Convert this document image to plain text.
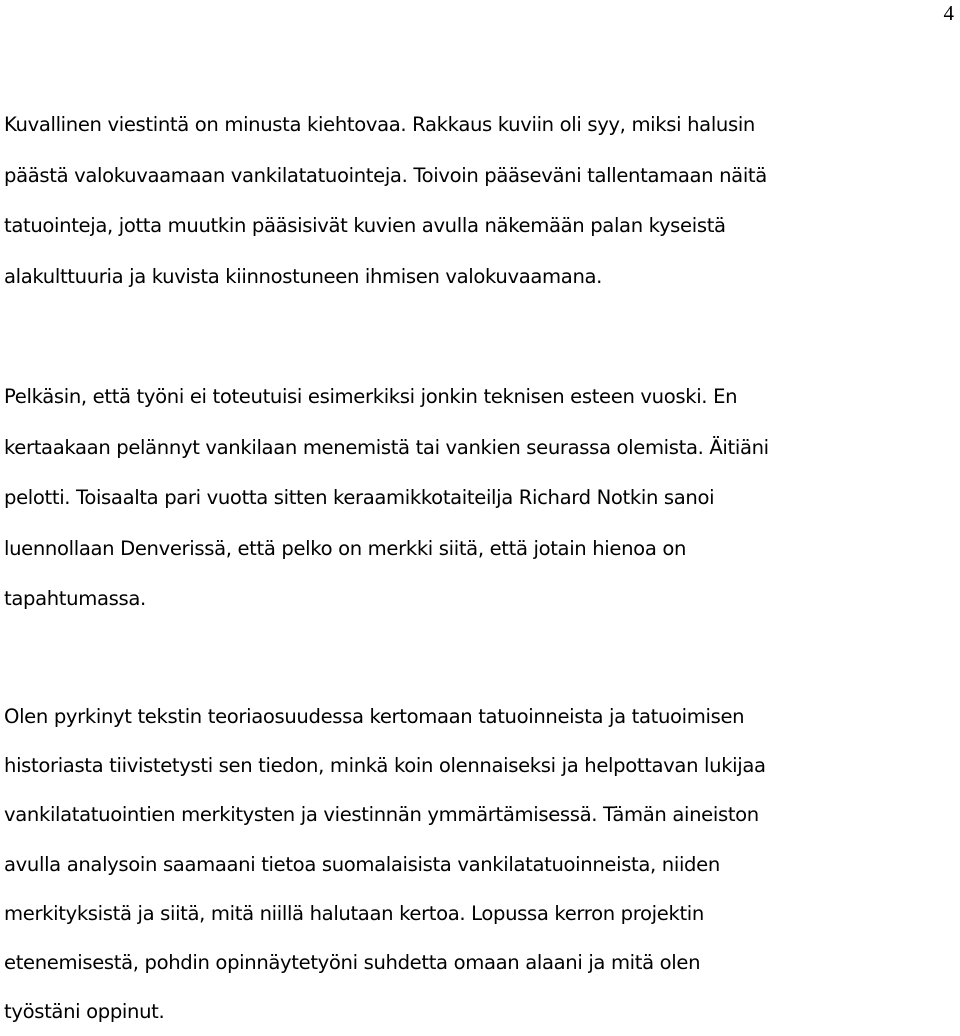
4
Kuvallinen viestintä on minusta kiehtovaa. Rakkaus kuviin oli syy, miksi halusin
päästä valokuvaamaan vankilatatuointeja. Toivoin pääseväni tallentamaan näitä
tatuointeja, jotta muutkin pääsisivät kuvien avulla näkemään palan kyseistä
alakulttuuria ja kuvista kiinnostuneen ihmisen valokuvaamana.
Pelkäsin, että työni ei toteutuisi esimerkiksi jonkin teknisen esteen vuoski. En
kertaakaan pelännyt vankilaan menemistä tai vankien seurassa olemista. Äitiäni
pelotti. Toisaalta pari vuotta sitten keraamikkotaiteilja Richard Notkin sanoi
luennollaan Denverissä, että pelko on merkki siitä, että jotain hienoa on
tapahtumassa.
Olen pyrkinyt tekstin teoriaosuudessa kertomaan tatuoinneista ja tatuoimisen
historiasta tiivistetysti sen tiedon, minkä koin olennaiseksi ja helpottavan lukijaa
vankilatatuointien merkitysten ja viestinnän ymmärtämisessä. Tämän aineiston
avulla analysoin saamaani tietoa suomalaisista vankilatatuoinneista, niiden
merkityksistä ja siitä, mitä niillä halutaan kertoa. Lopussa kerron projektin
etenemisestä, pohdin opinnäytetyöni suhdetta omaan alaani ja mitä olen
työstäni oppinut.
